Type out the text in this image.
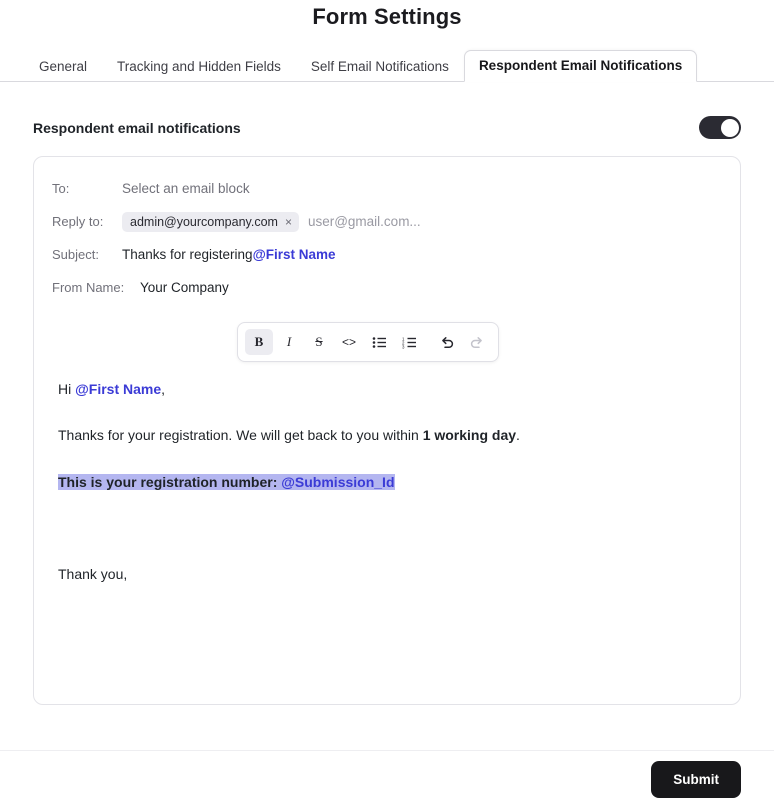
Form Settings
General	Tracking and Hidden Fields	Self Email Notifications	Respondent Email Notifications
Respondent email notifications
To:	Select an email block
Reply to:	admin@yourcompany.com × user@gmail.com...
Subject:	Thanks for registering @First Name
From Name:	Your Company
B I S <>	1
2
3
Hi @First Name,
Thanks for your registration. We will get back to you within 1 working day.
This is your registration number: @Submission_Id
Thank you,
Submit
